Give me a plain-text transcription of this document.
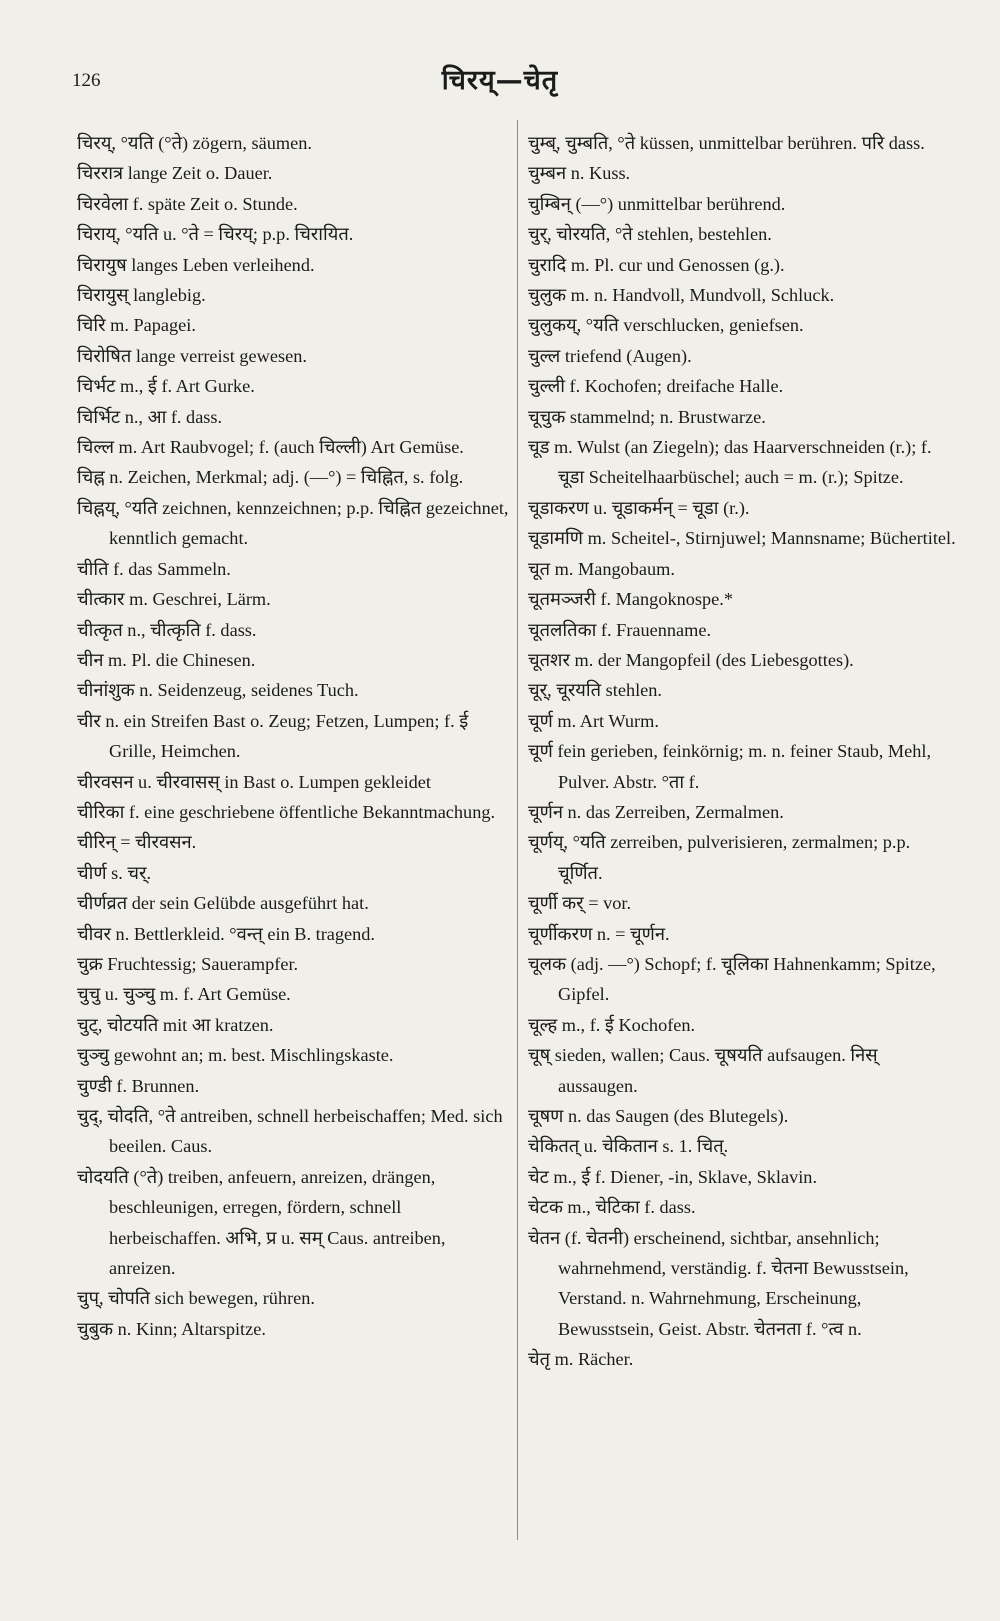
126	चिरय्—चेतृ

चिरय्, °यति (°ते) zögern, säumen.

चिररात्र lange Zeit o. Dauer.

चिरवेला f. späte Zeit o. Stunde.

चिराय्, °यति u. °ते = चिरय्; p.p. चिरायित.

चिरायुष langes Leben verleihend.

चिरायुस् langlebig.

चिरि m. Papagei.

चिरोषित lange verreist gewesen.

चिर्भट m., ई f. Art Gurke.

चिर्भिट n., आ f. dass.

चिल्ल m. Art Raubvogel; f. (auch चिल्ली) Art Gemüse.

चिह्न n. Zeichen, Merkmal; adj. (—°) = चिह्नित, s. folg.

चिह्नय्, °यति zeichnen, kennzeichnen; p.p. चिह्नित gezeichnet, kenntlich gemacht.

चीति f. das Sammeln.

चीत्कार m. Geschrei, Lärm.

चीत्कृत n., चीत्कृति f. dass.

चीन m. Pl. die Chinesen.

चीनांशुक n. Seidenzeug, seidenes Tuch.

चीर n. ein Streifen Bast o. Zeug; Fetzen, Lumpen; f. ई Grille, Heimchen.

चीरवसन u. चीरवासस् in Bast o. Lumpen gekleidet

चीरिका f. eine geschriebene öffentliche Bekanntmachung.

चीरिन् = चीरवसन.

चीर्ण s. चर्.

चीर्णव्रत der sein Gelübde ausgeführt hat.

चीवर n. Bettlerkleid. °वन्त् ein B. tragend.

चुक्र Fruchtessig; Sauerampfer.

चुचु u. चुञ्चु m. f. Art Gemüse.

चुट्, चोटयति mit आ kratzen.

चुञ्चु gewohnt an; m. best. Mischlingskaste.

चुण्डी f. Brunnen.

चुद्, चोदति, °ते antreiben, schnell herbeischaffen; Med. sich beeilen. Caus.

चोदयति (°ते) treiben, anfeuern, anreizen, drängen, beschleunigen, erregen, fördern, schnell herbeischaffen. अभि, प्र u. सम् Caus. antreiben, anreizen.

चुप्, चोपति sich bewegen, rühren.

चुबुक n. Kinn; Altarspitze.

चुम्ब्, चुम्बति, °ते küssen, unmittelbar berühren. परि dass.

चुम्बन n. Kuss.

चुम्बिन् (—°) unmittelbar berührend.

चुर्, चोरयति, °ते stehlen, bestehlen.

चुरादि m. Pl. cur und Genossen (g.).

चुलुक m. n. Handvoll, Mundvoll, Schluck.

चुलुकय्, °यति verschlucken, geniefsen.

चुल्ल triefend (Augen).

चुल्ली f. Kochofen; dreifache Halle.

चूचुक stammelnd; n. Brustwarze.

चूड m. Wulst (an Ziegeln); das Haarverschneiden (r.); f. चूडा Scheitelhaarbüschel; auch = m. (r.); Spitze.

चूडाकरण u. चूडाकर्मन् = चूडा (r.).

चूडामणि m. Scheitel-, Stirnjuwel; Mannsname; Büchertitel.

चूत m. Mangobaum.

चूतमञ्जरी f. Mangoknospe.*

चूतलतिका f. Frauenname.

चूतशर m. der Mangopfeil (des Liebesgottes).

चूर्, चूरयति stehlen.

चूर्ण m. Art Wurm.

चूर्ण fein gerieben, feinkörnig; m. n. feiner Staub, Mehl, Pulver. Abstr. °ता f.

चूर्णन n. das Zerreiben, Zermalmen.

चूर्णय्, °यति zerreiben, pulverisieren, zermalmen; p.p. चूर्णित.

चूर्णी कर् = vor.

चूर्णीकरण n. = चूर्णन.

चूलक (adj. —°) Schopf; f. चूलिका Hahnenkamm; Spitze, Gipfel.

चूल्ह m., f. ई Kochofen.

चूष् sieden, wallen; Caus. चूषयति aufsaugen. निस् aussaugen.

चूषण n. das Saugen (des Blutegels).

चेकितत् u. चेकितान s. 1. चित्.

चेट m., ई f. Diener, -in, Sklave, Sklavin.

चेटक m., चेटिका f. dass.

चेतन (f. चेतनी) erscheinend, sichtbar, ansehnlich; wahrnehmend, verständig. f. चेतना Bewusstsein, Verstand. n. Wahrnehmung, Erscheinung, Bewusstsein, Geist. Abstr. चेतनता f. °त्व n.

चेतृ m. Rächer.
